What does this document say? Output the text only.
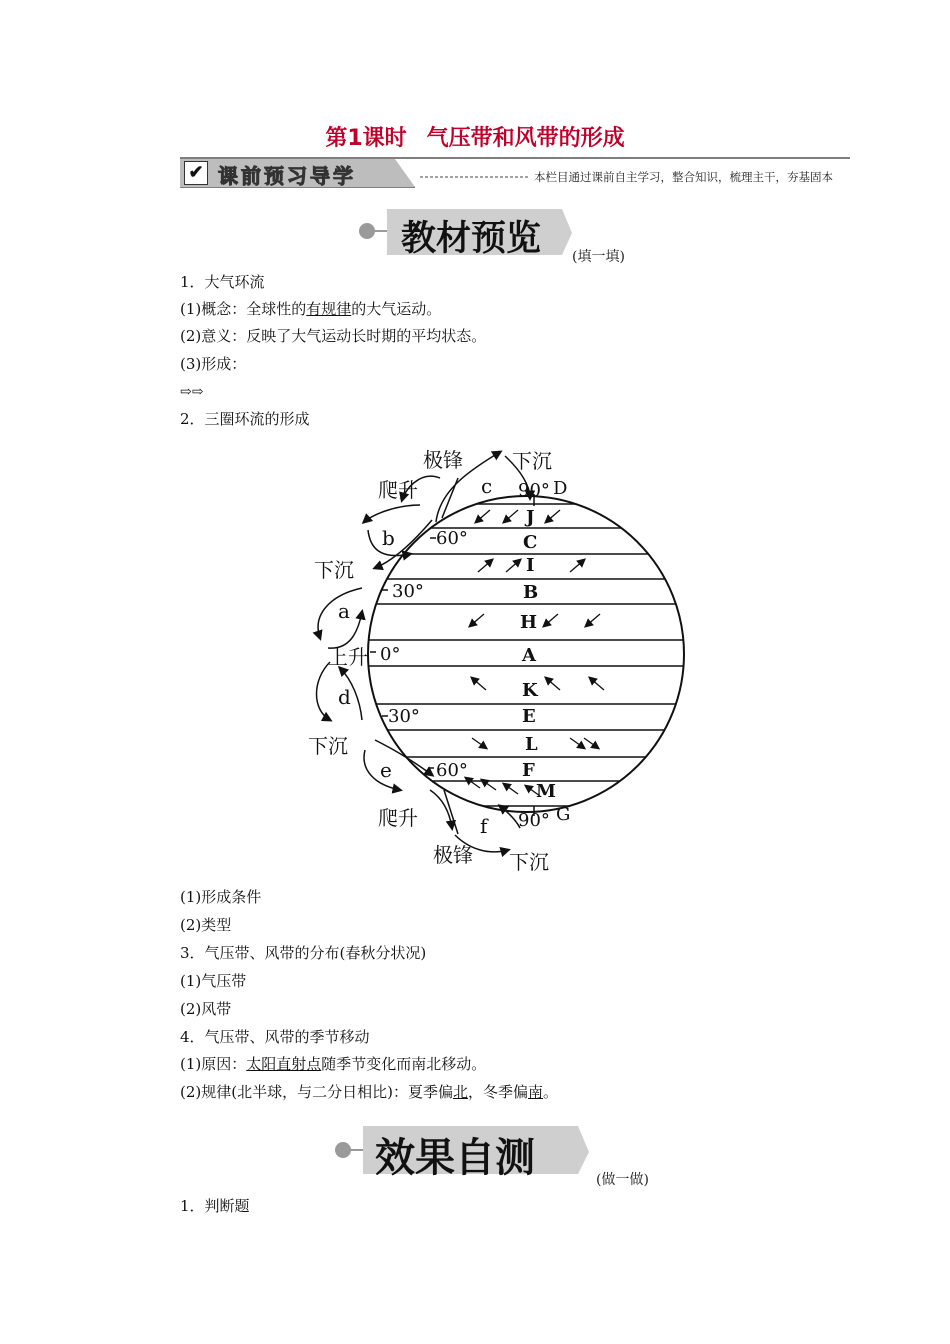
第1课时 气压带和风带的形成
✔ 课前预习导学	本栏目通过课前自主学习，整合知识，梳理主干，夯基固本
教材预览 (填一填)
1．大气环流
(1)概念：全球性的有规律的大气运动。
(2)意义：反映了大气运动长时期的平均状态。
(3)形成：
⇨⇨
2．三圈环流的形成
极锋 下沉
爬升	c 90° D
J
b 60°	C
下沉	I
30°	B
a	H
上升 0°	A
d	K
30°	E
下沉	L
e 60°	F
M
爬升	f 90° G
极锋 下沉
(1)形成条件
(2)类型
3．气压带、风带的分布(春秋分状况)
(1)气压带
(2)风带
4．气压带、风带的季节移动
(1)原因：太阳直射点随季节变化而南北移动。
(2)规律(北半球，与二分日相比)：夏季偏北，冬季偏南。
效果自测	(做一做)
1．判断题
